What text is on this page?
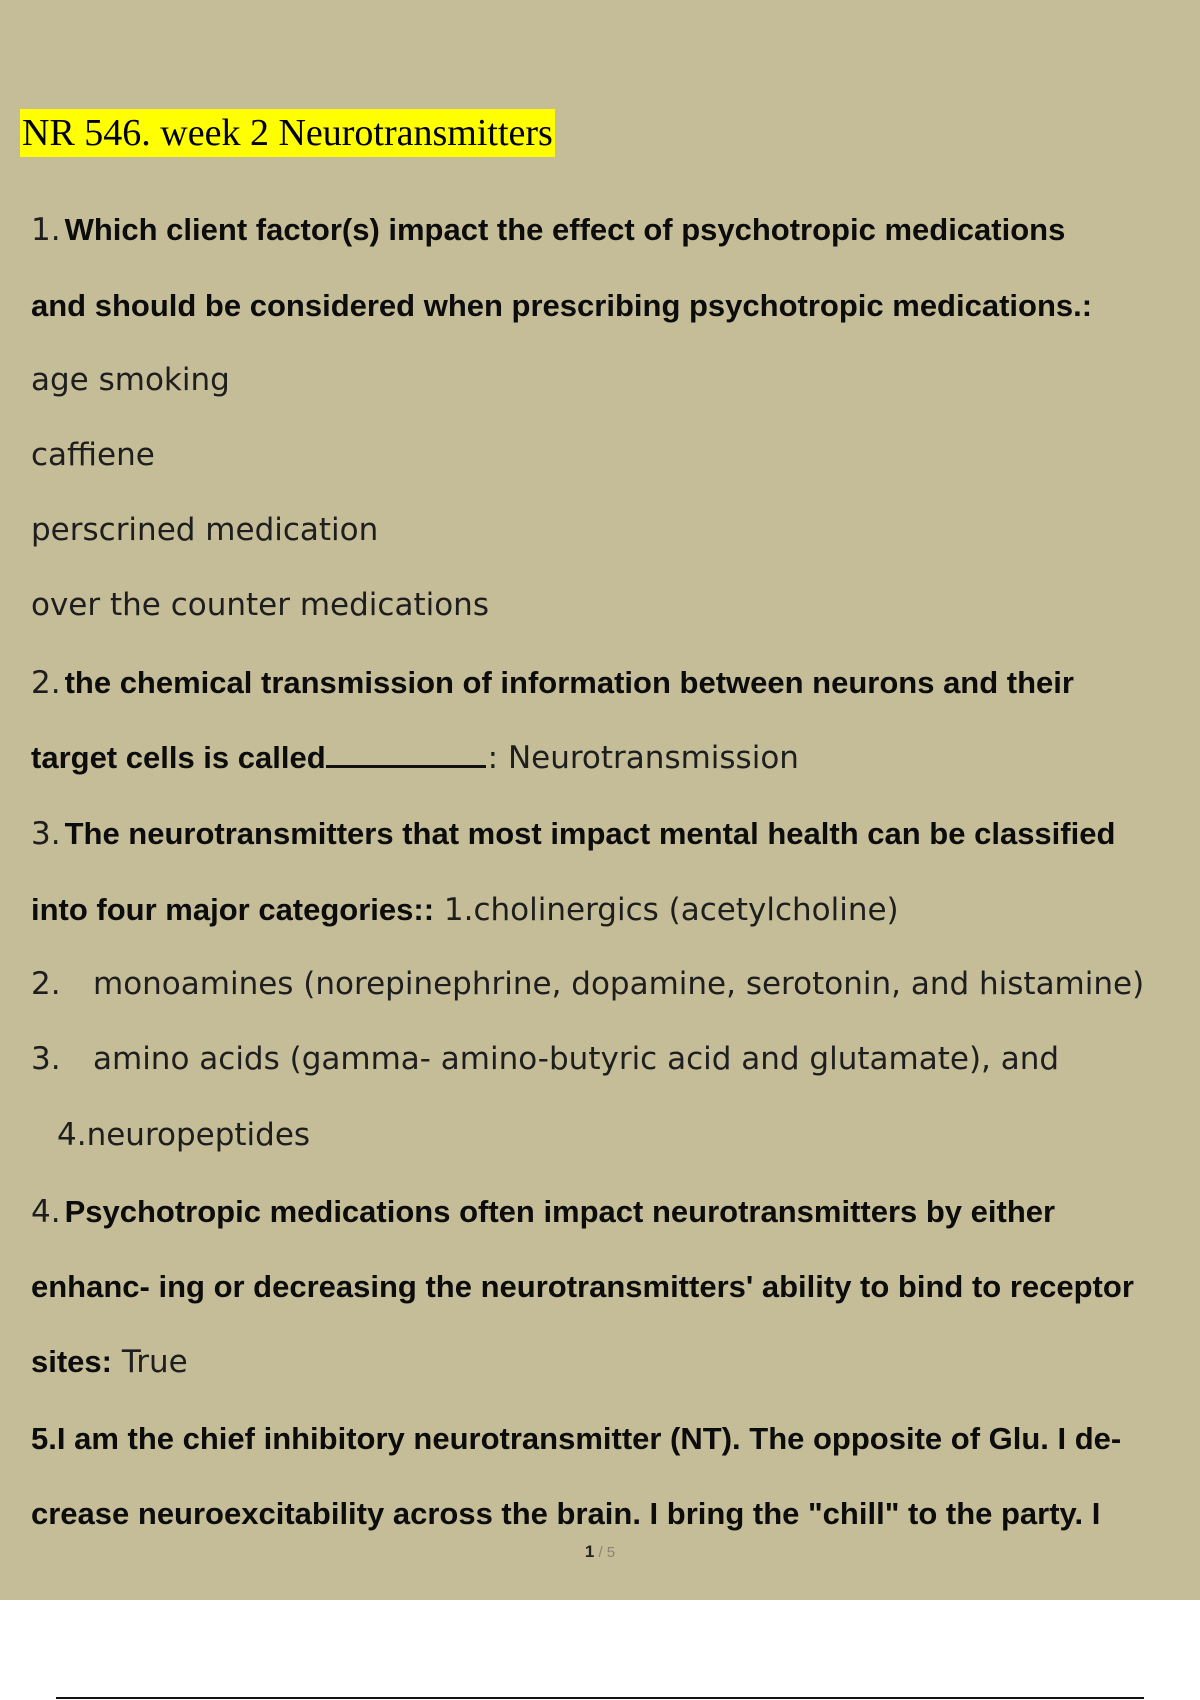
NR 546. week 2 Neurotransmitters
1. Which client factor(s) impact the effect of psychotropic medications
and should be considered when prescribing psychotropic medications.:
age smoking
caffiene
perscrined medication
over the counter medications
2. the chemical transmission of information between neurons and their
target cells is called	: Neurotransmission
3. The neurotransmitters that most impact mental health can be classified
into four major categories:: 1.cholinergics (acetylcholine)
2. monoamines (norepinephrine, dopamine, serotonin, and histamine)
3. amino acids (gamma- amino-butyric acid and glutamate), and
4.neuropeptides
4. Psychotropic medications often impact neurotransmitters by either
enhanc- ing or decreasing the neurotransmitters' ability to bind to receptor
sites: True
5.I am the chief inhibitory neurotransmitter (NT). The opposite of Glu. I de-
crease neuroexcitability across the brain. I bring the "chill" to the party. I
1 / 5
